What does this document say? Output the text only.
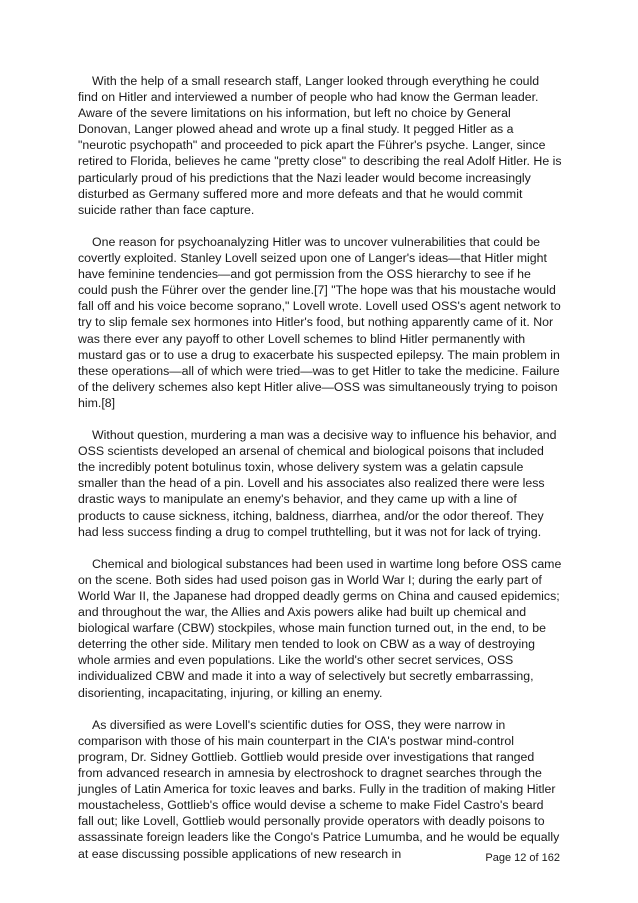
With the help of a small research staff, Langer looked through everything he could find on Hitler and interviewed a number of people who had know the German leader. Aware of the severe limitations on his information, but left no choice by General Donovan, Langer plowed ahead and wrote up a final study. It pegged Hitler as a "neurotic psychopath" and proceeded to pick apart the Führer's psyche. Langer, since retired to Florida, believes he came "pretty close" to describing the real Adolf Hitler. He is particularly proud of his predictions that the Nazi leader would become increasingly disturbed as Germany suffered more and more defeats and that he would commit suicide rather than face capture.

One reason for psychoanalyzing Hitler was to uncover vulnerabilities that could be covertly exploited. Stanley Lovell seized upon one of Langer's ideas—that Hitler might have feminine tendencies—and got permission from the OSS hierarchy to see if he could push the Führer over the gender line.[7] "The hope was that his moustache would fall off and his voice become soprano," Lovell wrote. Lovell used OSS's agent network to try to slip female sex hormones into Hitler's food, but nothing apparently came of it. Nor was there ever any payoff to other Lovell schemes to blind Hitler permanently with mustard gas or to use a drug to exacerbate his suspected epilepsy. The main problem in these operations—all of which were tried—was to get Hitler to take the medicine. Failure of the delivery schemes also kept Hitler alive—OSS was simultaneously trying to poison him.[8]

Without question, murdering a man was a decisive way to influence his behavior, and OSS scientists developed an arsenal of chemical and biological poisons that included the incredibly potent botulinus toxin, whose delivery system was a gelatin capsule smaller than the head of a pin. Lovell and his associates also realized there were less drastic ways to manipulate an enemy's behavior, and they came up with a line of products to cause sickness, itching, baldness, diarrhea, and/or the odor thereof. They had less success finding a drug to compel truthtelling, but it was not for lack of trying.

Chemical and biological substances had been used in wartime long before OSS came on the scene. Both sides had used poison gas in World War I; during the early part of World War II, the Japanese had dropped deadly germs on China and caused epidemics; and throughout the war, the Allies and Axis powers alike had built up chemical and biological warfare (CBW) stockpiles, whose main function turned out, in the end, to be deterring the other side. Military men tended to look on CBW as a way of destroying whole armies and even populations. Like the world's other secret services, OSS individualized CBW and made it into a way of selectively but secretly embarrassing, disorienting, incapacitating, injuring, or killing an enemy.

As diversified as were Lovell's scientific duties for OSS, they were narrow in comparison with those of his main counterpart in the CIA's postwar mind-control program, Dr. Sidney Gottlieb. Gottlieb would preside over investigations that ranged from advanced research in amnesia by electroshock to dragnet searches through the jungles of Latin America for toxic leaves and barks. Fully in the tradition of making Hitler moustacheless, Gottlieb's office would devise a scheme to make Fidel Castro's beard fall out; like Lovell, Gottlieb would personally provide operators with deadly poisons to assassinate foreign leaders like the Congo's Patrice Lumumba, and he would be equally at ease discussing possible applications of new research in	Page 12 of 162
